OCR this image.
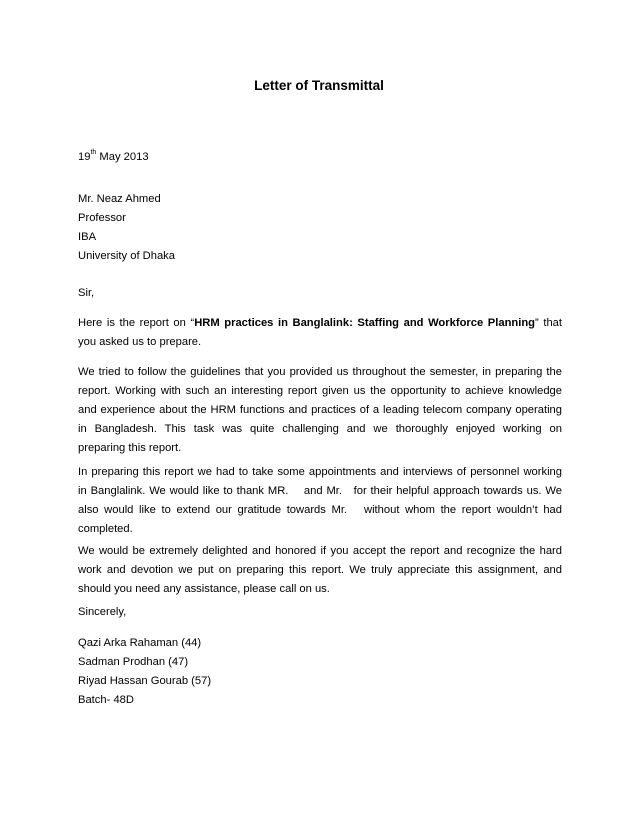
Letter of Transmittal
19th May 2013
Mr. Neaz Ahmed
Professor
IBA
University of Dhaka
Sir,
Here is the report on “HRM practices in Banglalink: Staffing and Workforce Planning” that
you asked us to prepare.
We tried to follow the guidelines that you provided us throughout the semester, in preparing the
report. Working with such an interesting report given us the opportunity to achieve knowledge
and experience about the HRM functions and practices of a leading telecom company operating
in Bangladesh. This task was quite challenging and we thoroughly enjoyed working on
preparing this report.
In preparing this report we had to take some appointments and interviews of personnel working
in Banglalink. We would like to thank MR.    and Mr.   for their helpful approach towards us. We
also would like to extend our gratitude towards Mr.   without whom the report wouldn’t had
completed.
We would be extremely delighted and honored if you accept the report and recognize the hard
work and devotion we put on preparing this report. We truly appreciate this assignment, and
should you need any assistance, please call on us.
Sincerely,
Qazi Arka Rahaman (44)
Sadman Prodhan (47)
Riyad Hassan Gourab (57)
Batch- 48D
